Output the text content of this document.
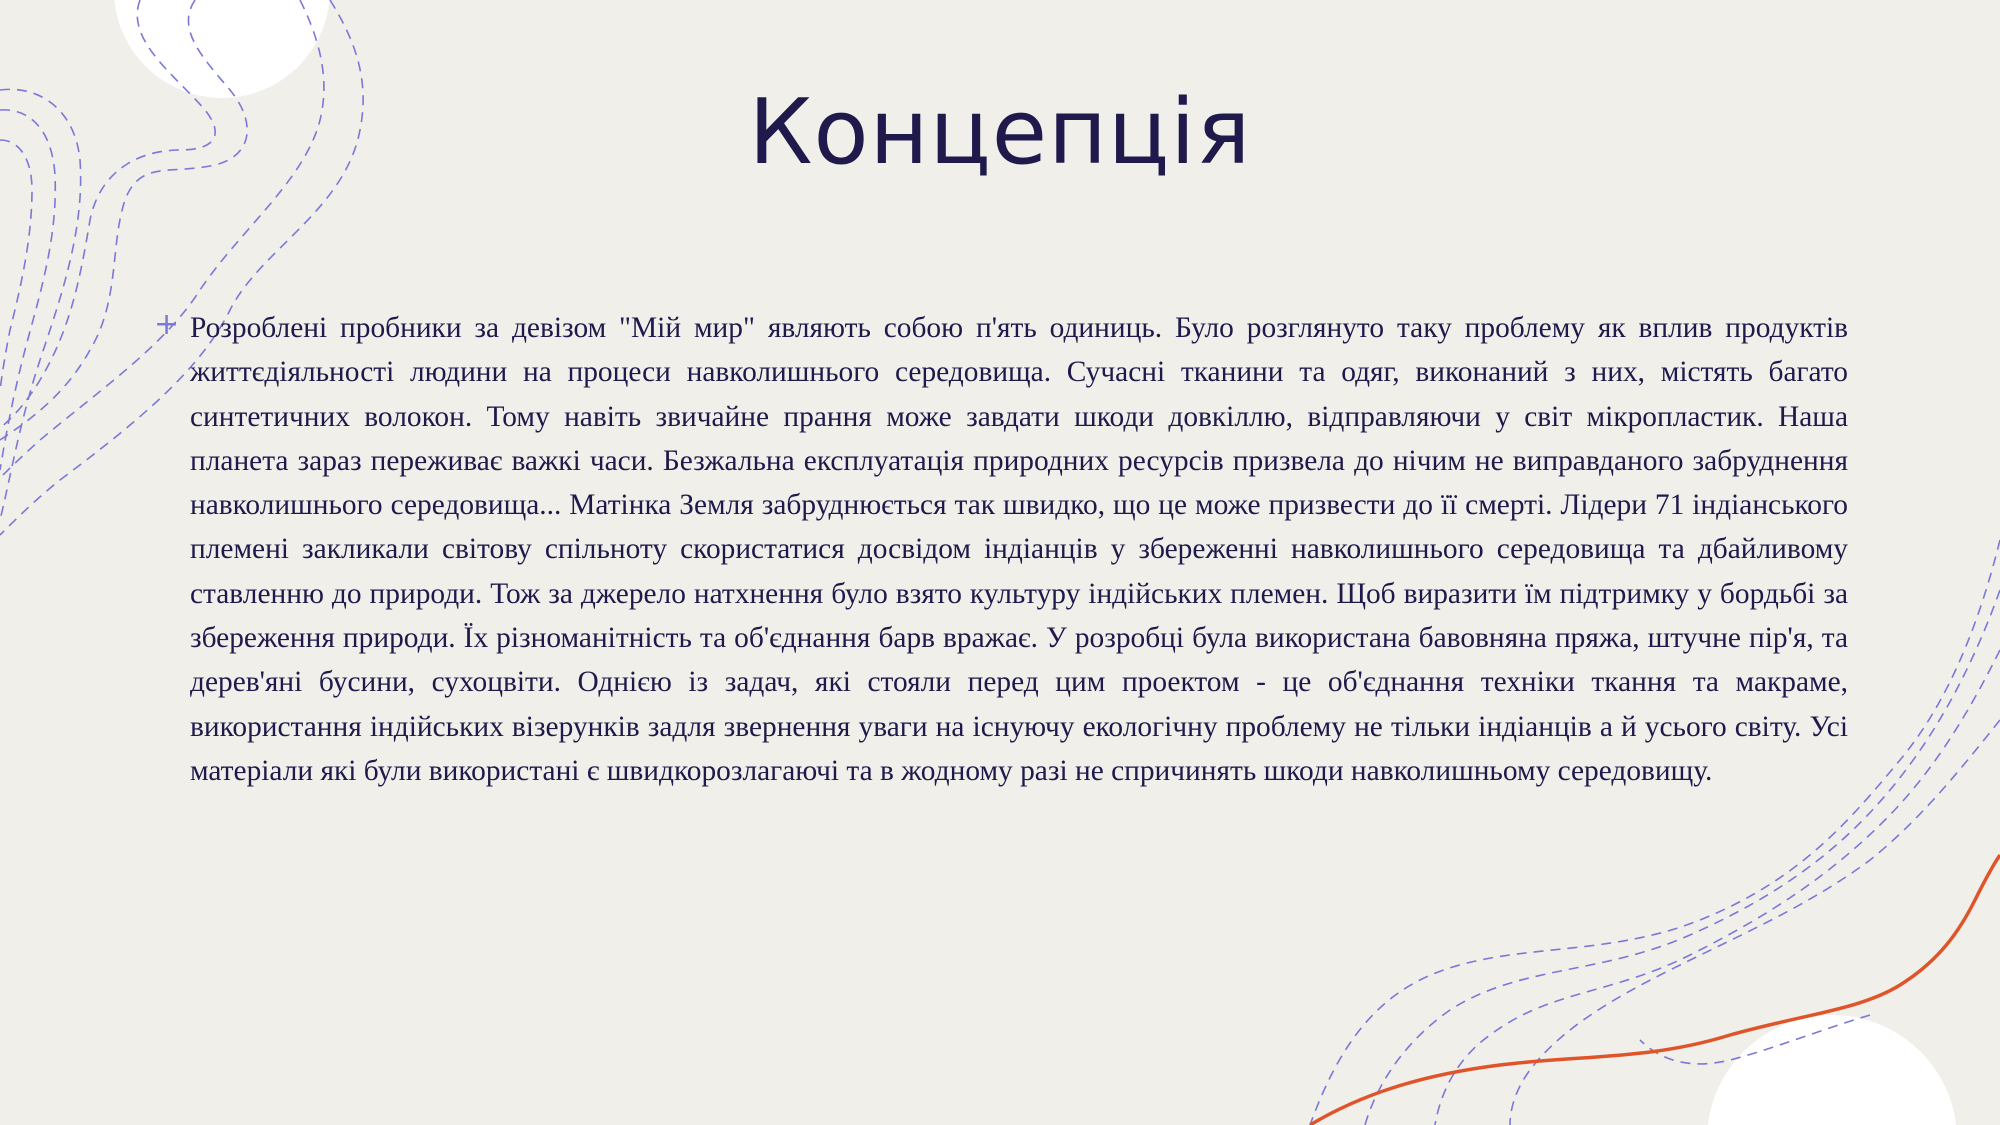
Концепція
+ Розроблені пробники за девізом "Мій мир" являють собою п'ять одиниць. Було розглянуто таку проблему як вплив продуктів життєдіяльності людини на процеси навколишнього середовища. Сучасні тканини та одяг, виконаний з них, містять багато синтетичних волокон. Тому навіть звичайне прання може завдати шкоди довкіллю, відправляючи у світ мікропластик. Наша планета зараз переживає важкі часи. Безжальна експлуатація природних ресурсів призвела до нічим не виправданого забруднення навколишнього середовища... Матінка Земля забруднюється так швидко, що це може призвести до її смерті. Лідери 71 індіанського племені закликали світову спільноту скористатися досвідом індіанців у збереженні навколишнього середовища та дбайливому ставленню до природи. Тож за джерело натхнення було взято культуру індійських племен. Щоб виразити їм підтримку у бордьбі за збереження природи. Їх різноманітність та об'єднання барв вражає. У розробці була використана бавовняна пряжа, штучне пір'я, та дерев'яні бусини, сухоцвіти. Однією із задач, які стояли перед цим проектом - це об'єднання техніки ткання та макраме, використання індійських візерунків задля звернення уваги на існуючу екологічну проблему не тільки індіанців а й усього світу. Усі матеріали які були використані є швидкорозлагаючі та в жодному разі не спричинять шкоди навколишньому середовищу.
